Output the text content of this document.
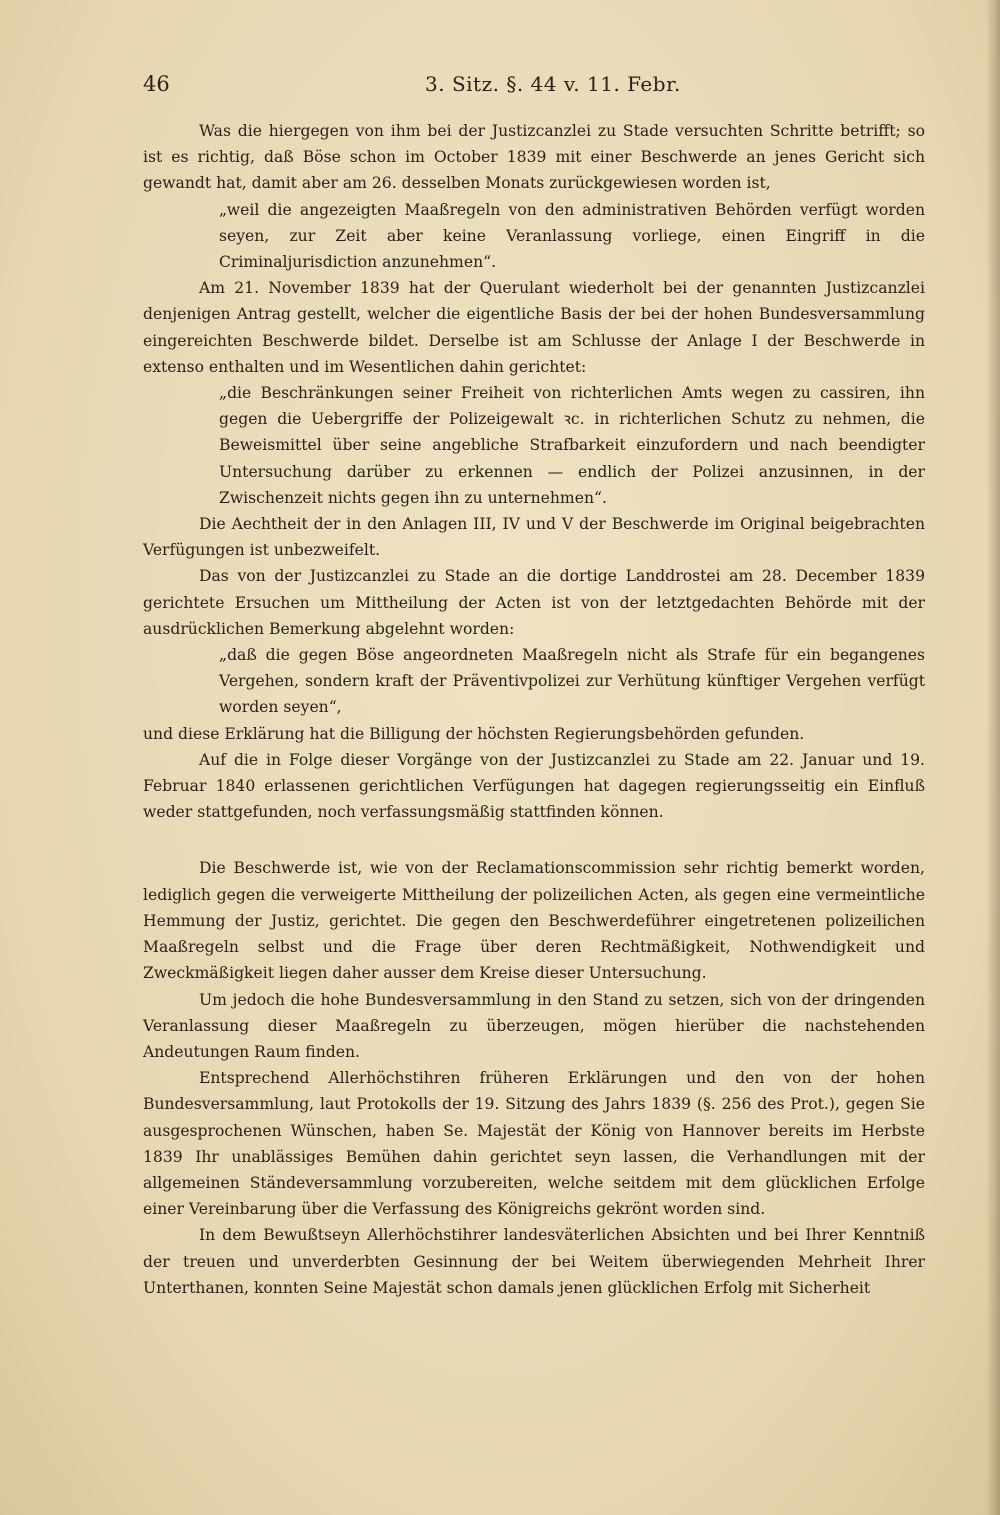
46	3. Sitz. §. 44 v. 11. Febr.

Was die hiergegen von ihm bei der Justizcanzlei zu Stade versuchten Schritte betrifft; so ist es richtig, daß Böse schon im October 1839 mit einer Beschwerde an jenes Gericht sich gewandt hat, damit aber am 26. desselben Monats zurückgewiesen worden ist,

„weil die angezeigten Maaßregeln von den administrativen Behörden verfügt worden seyen, zur Zeit aber keine Veranlassung vorliege, einen Eingriff in die Criminaljurisdiction anzunehmen“.

Am 21. November 1839 hat der Querulant wiederholt bei der genannten Justizcanzlei denjenigen Antrag gestellt, welcher die eigentliche Basis der bei der hohen Bundesversammlung eingereichten Beschwerde bildet. Derselbe ist am Schlusse der Anlage I der Beschwerde in extenso enthalten und im Wesentlichen dahin gerichtet:

„die Beschränkungen seiner Freiheit von richterlichen Amts wegen zu cassiren, ihn gegen die Uebergriffe der Polizeigewalt ꝛc. in richterlichen Schutz zu nehmen, die Beweismittel über seine angebliche Strafbarkeit einzufordern und nach beendigter Untersuchung darüber zu erkennen — endlich der Polizei anzusinnen, in der Zwischenzeit nichts gegen ihn zu unternehmen“.

Die Aechtheit der in den Anlagen III, IV und V der Beschwerde im Original beigebrachten Verfügungen ist unbezweifelt.

Das von der Justizcanzlei zu Stade an die dortige Landdrostei am 28. December 1839 gerichtete Ersuchen um Mittheilung der Acten ist von der letztgedachten Behörde mit der ausdrücklichen Bemerkung abgelehnt worden:

„daß die gegen Böse angeordneten Maaßregeln nicht als Strafe für ein begangenes Vergehen, sondern kraft der Präventivpolizei zur Verhütung künftiger Vergehen verfügt worden seyen“,

und diese Erklärung hat die Billigung der höchsten Regierungsbehörden gefunden.

Auf die in Folge dieser Vorgänge von der Justizcanzlei zu Stade am 22. Januar und 19. Februar 1840 erlassenen gerichtlichen Verfügungen hat dagegen regierungsseitig ein Einfluß weder stattgefunden, noch verfassungsmäßig stattfinden können.

Die Beschwerde ist, wie von der Reclamationscommission sehr richtig bemerkt worden, lediglich gegen die verweigerte Mittheilung der polizeilichen Acten, als gegen eine vermeintliche Hemmung der Justiz, gerichtet. Die gegen den Beschwerdeführer eingetretenen polizeilichen Maaßregeln selbst und die Frage über deren Rechtmäßigkeit, Nothwendigkeit und Zweckmäßigkeit liegen daher ausser dem Kreise dieser Untersuchung.

Um jedoch die hohe Bundesversammlung in den Stand zu setzen, sich von der dringenden Veranlassung dieser Maaßregeln zu überzeugen, mögen hierüber die nachstehenden Andeutungen Raum finden.

Entsprechend Allerhöchstihren früheren Erklärungen und den von der hohen Bundesversammlung, laut Protokolls der 19. Sitzung des Jahrs 1839 (§. 256 des Prot.), gegen Sie ausgesprochenen Wünschen, haben Se. Majestät der König von Hannover bereits im Herbste 1839 Ihr unablässiges Bemühen dahin gerichtet seyn lassen, die Verhandlungen mit der allgemeinen Ständeversammlung vorzubereiten, welche seitdem mit dem glücklichen Erfolge einer Vereinbarung über die Verfassung des Königreichs gekrönt worden sind.

In dem Bewußtseyn Allerhöchstihrer landesväterlichen Absichten und bei Ihrer Kenntniß der treuen und unverderbten Gesinnung der bei Weitem überwiegenden Mehrheit Ihrer Unterthanen, konnten Seine Majestät schon damals jenen glücklichen Erfolg mit Sicherheit
